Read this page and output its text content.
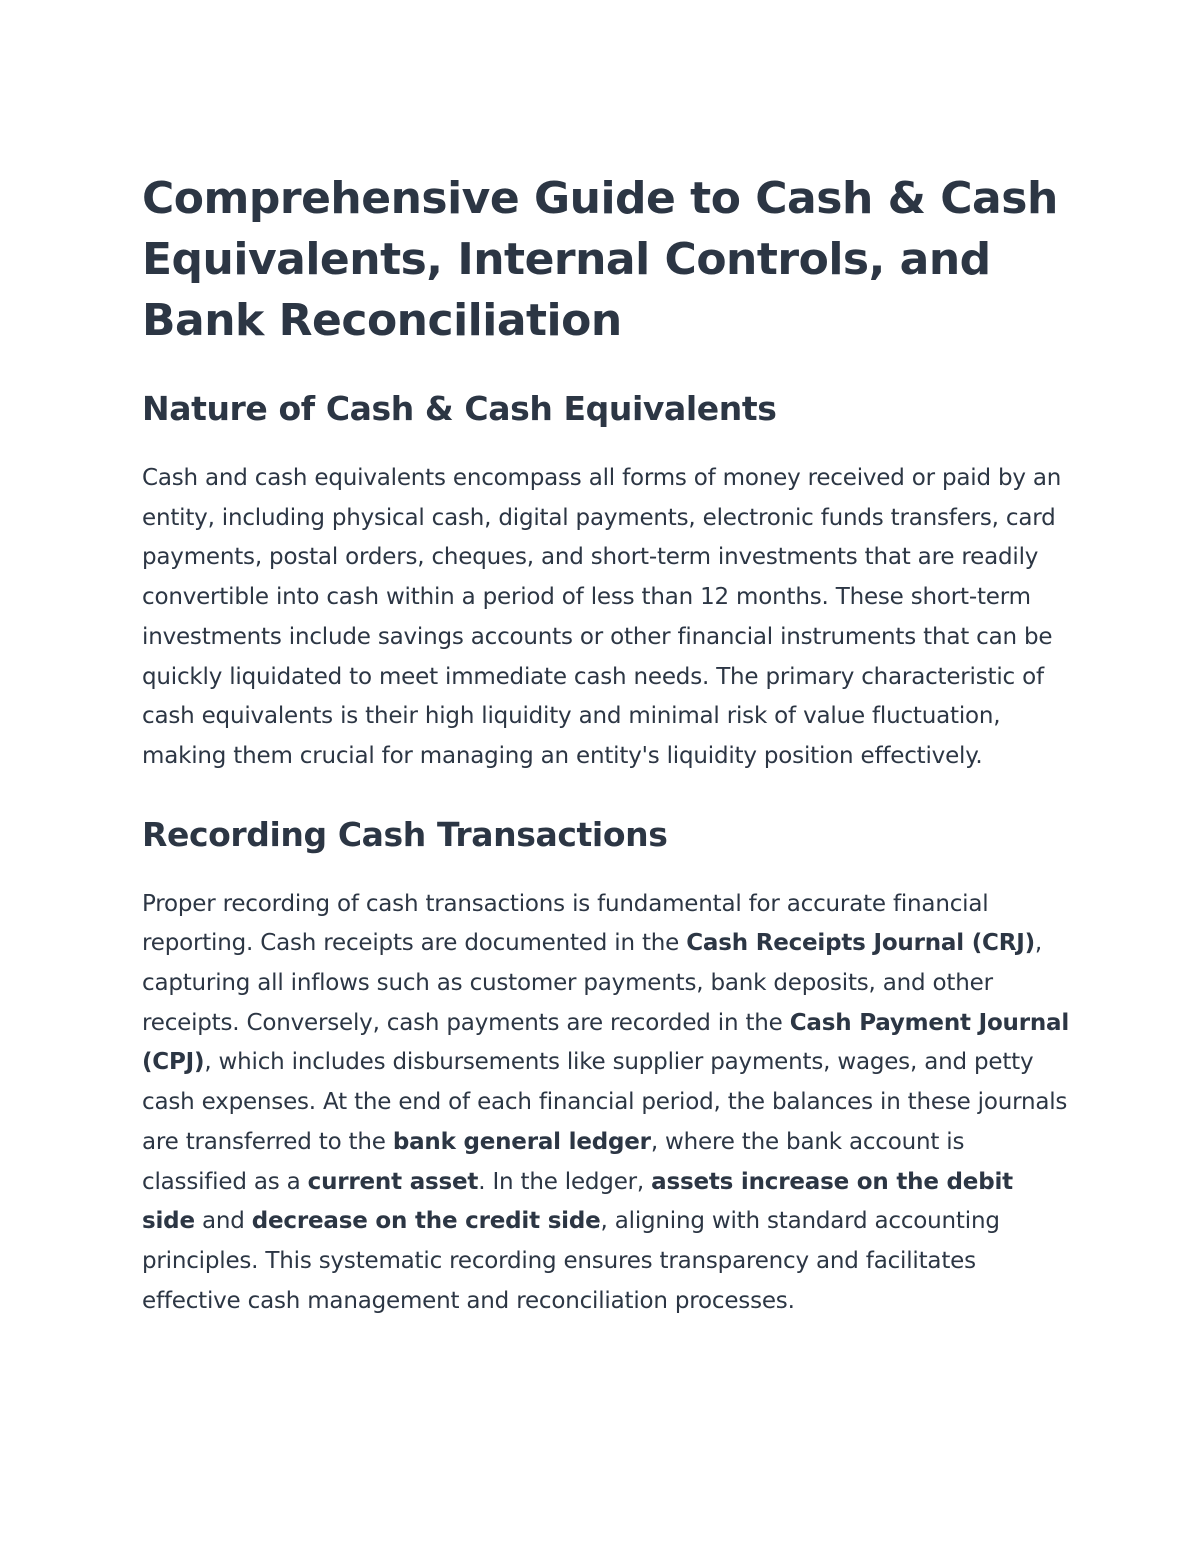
Comprehensive Guide to Cash & Cash Equivalents, Internal Controls, and Bank Reconciliation
Nature of Cash & Cash Equivalents

Cash and cash equivalents encompass all forms of money received or paid by an entity, including physical cash, digital payments, electronic funds transfers, card payments, postal orders, cheques, and short-term investments that are readily convertible into cash within a period of less than 12 months. These short-term investments include savings accounts or other financial instruments that can be quickly liquidated to meet immediate cash needs. The primary characteristic of cash equivalents is their high liquidity and minimal risk of value fluctuation, making them crucial for managing an entity's liquidity position effectively.

Recording Cash Transactions

Proper recording of cash transactions is fundamental for accurate financial reporting. Cash receipts are documented in the Cash Receipts Journal (CRJ), capturing all inflows such as customer payments, bank deposits, and other receipts. Conversely, cash payments are recorded in the Cash Payment Journal (CPJ), which includes disbursements like supplier payments, wages, and petty cash expenses. At the end of each financial period, the balances in these journals are transferred to the bank general ledger, where the bank account is classified as a current asset. In the ledger, assets increase on the debit side and decrease on the credit side, aligning with standard accounting principles. This systematic recording ensures transparency and facilitates effective cash management and reconciliation processes.
